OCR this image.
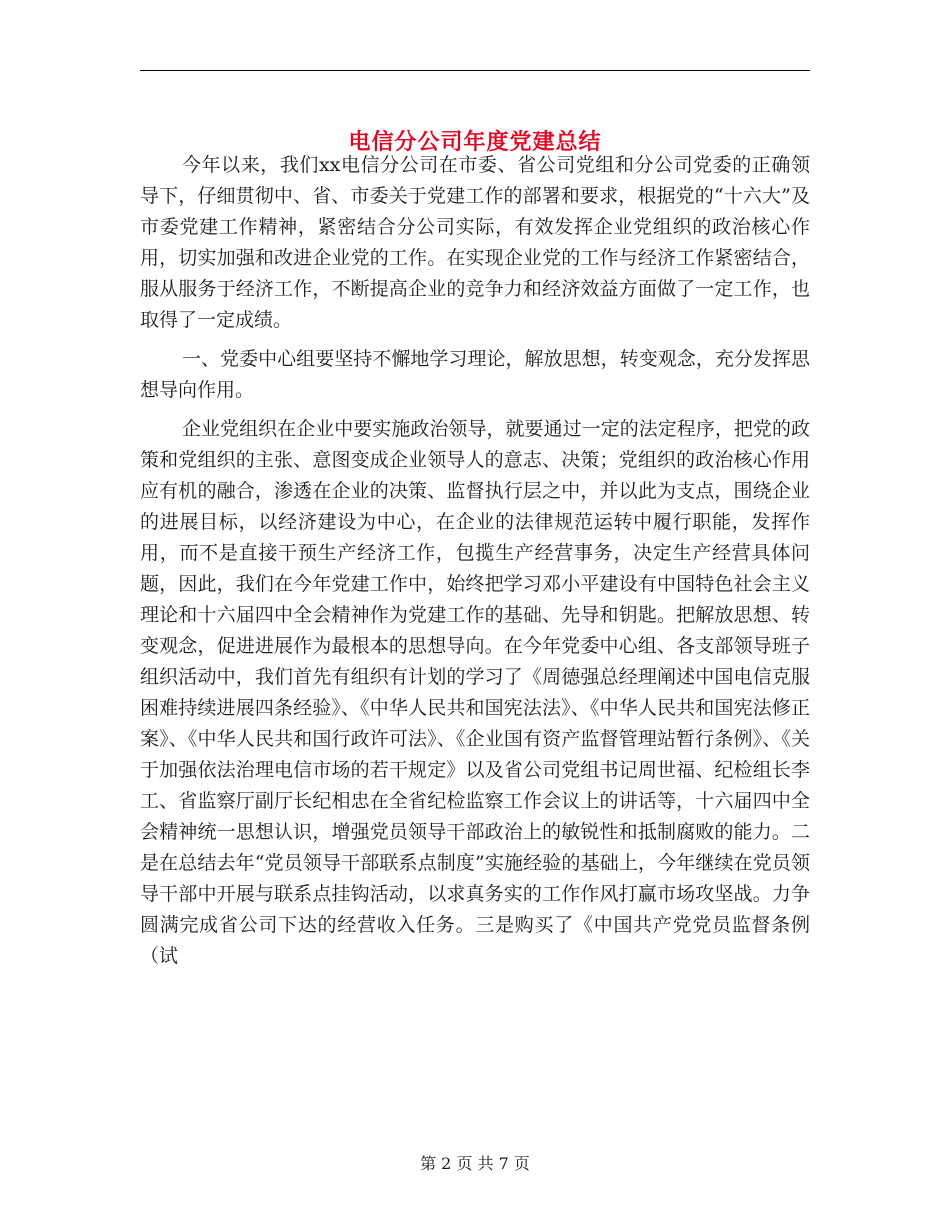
电信分公司年度党建总结

今年以来，我们xx电信分公司在市委、省公司党组和分公司党委的正确领导下，仔细贯彻中、省、市委关于党建工作的部署和要求，根据党的“十六大”及市委党建工作精神，紧密结合分公司实际，有效发挥企业党组织的政治核心作用，切实加强和改进企业党的工作。在实现企业党的工作与经济工作紧密结合，服从服务于经济工作，不断提高企业的竞争力和经济效益方面做了一定工作，也取得了一定成绩。

一、党委中心组要坚持不懈地学习理论，解放思想，转变观念，充分发挥思想导向作用。

企业党组织在企业中要实施政治领导，就要通过一定的法定程序，把党的政策和党组织的主张、意图变成企业领导人的意志、决策；党组织的政治核心作用应有机的融合，渗透在企业的决策、监督执行层之中，并以此为支点，围绕企业的进展目标，以经济建设为中心，在企业的法律规范运转中履行职能，发挥作用，而不是直接干预生产经济工作，包揽生产经营事务，决定生产经营具体问题，因此，我们在今年党建工作中，始终把学习邓小平建设有中国特色社会主义理论和十六届四中全会精神作为党建工作的基础、先导和钥匙。把解放思想、转变观念，促进进展作为最根本的思想导向。在今年党委中心组、各支部领导班子组织活动中，我们首先有组织有计划的学习了《周德强总经理阐述中国电信克服困难持续进展四条经验》、《中华人民共和国宪法法》、《中华人民共和国宪法修正案》、《中华人民共和国行政许可法》、《企业国有资产监督管理站暂行条例》、《关于加强依法治理电信市场的若干规定》以及省公司党组书记周世福、纪检组长李工、省监察厅副厅长纪相忠在全省纪检监察工作会议上的讲话等，十六届四中全会精神统一思想认识，增强党员领导干部政治上的敏锐性和抵制腐败的能力。二是在总结去年“党员领导干部联系点制度”实施经验的基础上，今年继续在党员领导干部中开展与联系点挂钩活动，以求真务实的工作作风打赢市场攻坚战。力争圆满完成省公司下达的经营收入任务。三是购买了《中国共产党党员监督条例（试

第 2 页 共 7 页
